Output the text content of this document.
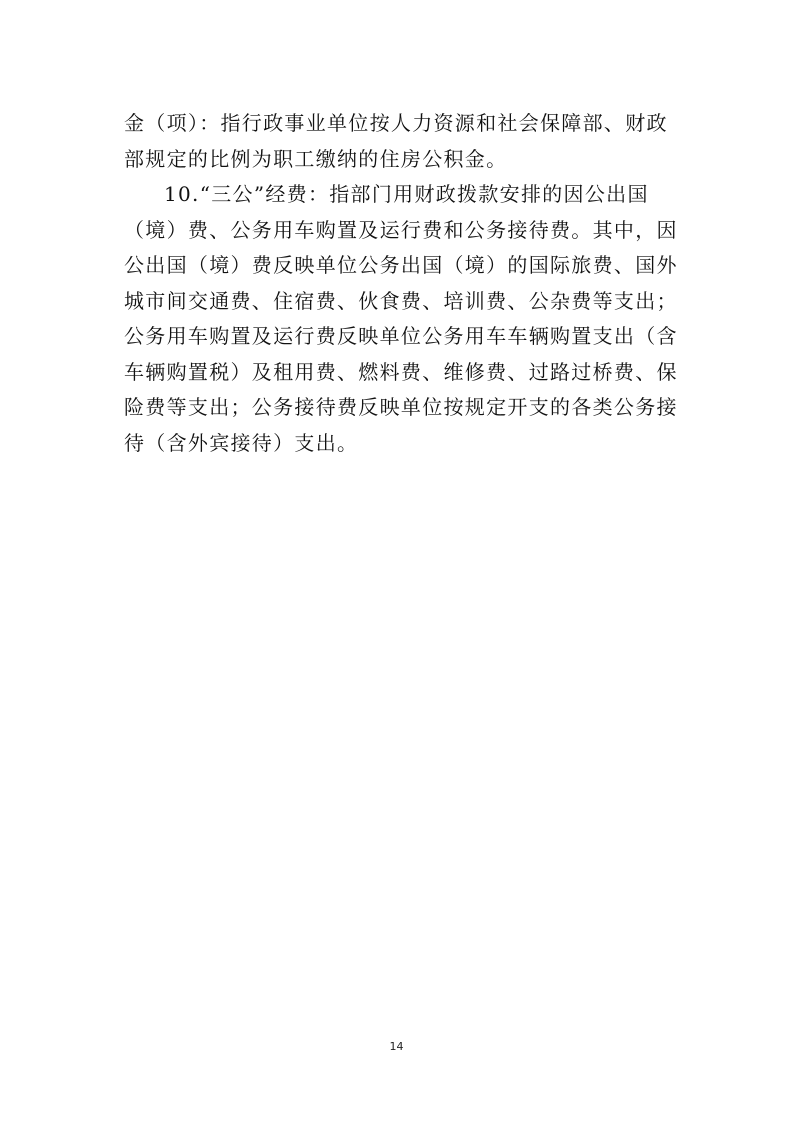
金（项）：指行政事业单位按人力资源和社会保障部、财政
部规定的比例为职工缴纳的住房公积金。
10.“三公”经费：指部门用财政拨款安排的因公出国
（境）费、公务用车购置及运行费和公务接待费。其中，因
公出国（境）费反映单位公务出国（境）的国际旅费、国外
城市间交通费、住宿费、伙食费、培训费、公杂费等支出；
公务用车购置及运行费反映单位公务用车车辆购置支出（含
车辆购置税）及租用费、燃料费、维修费、过路过桥费、保
险费等支出；公务接待费反映单位按规定开支的各类公务接
待（含外宾接待）支出。
14
